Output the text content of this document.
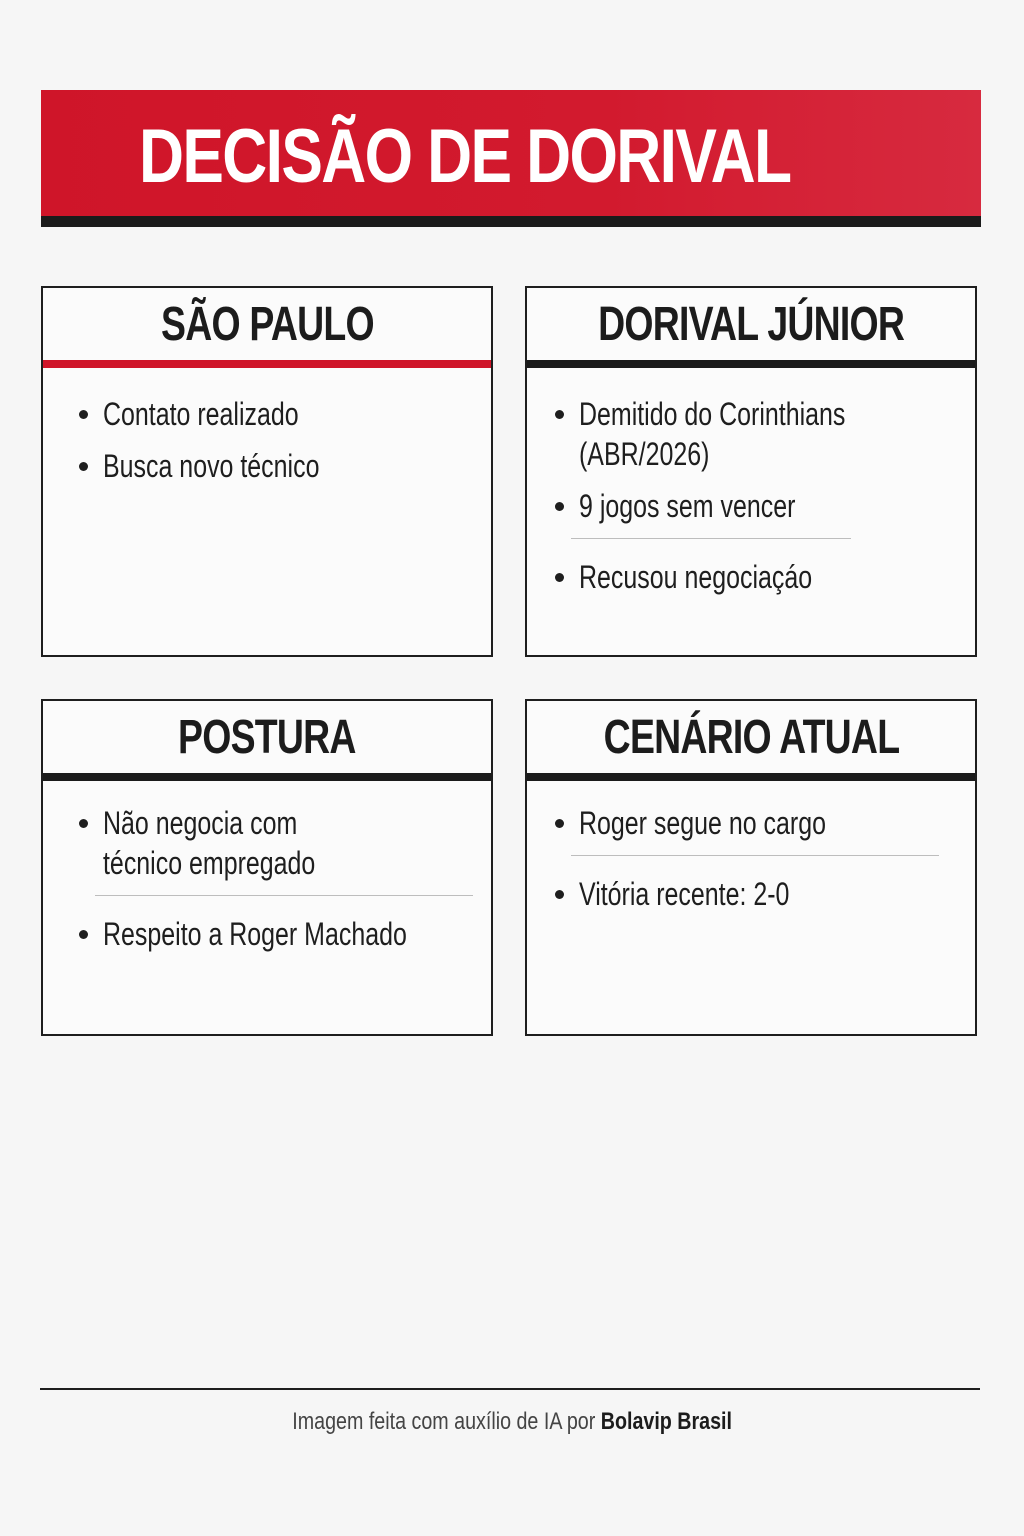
DECISÃO DE DORIVAL
SÃO PAULO
Contato realizado
Busca novo técnico
DORIVAL JÚNIOR
Demitido do Corinthians
(ABR/2026)
9 jogos sem vencer
Recusou negociaçáo
POSTURA
Não negocia com
técnico empregado
Respeito a Roger Machado
CENÁRIO ATUAL
Roger segue no cargo
Vitória recente: 2-0
Imagem feita com auxílio de IA por Bolavip Brasil
